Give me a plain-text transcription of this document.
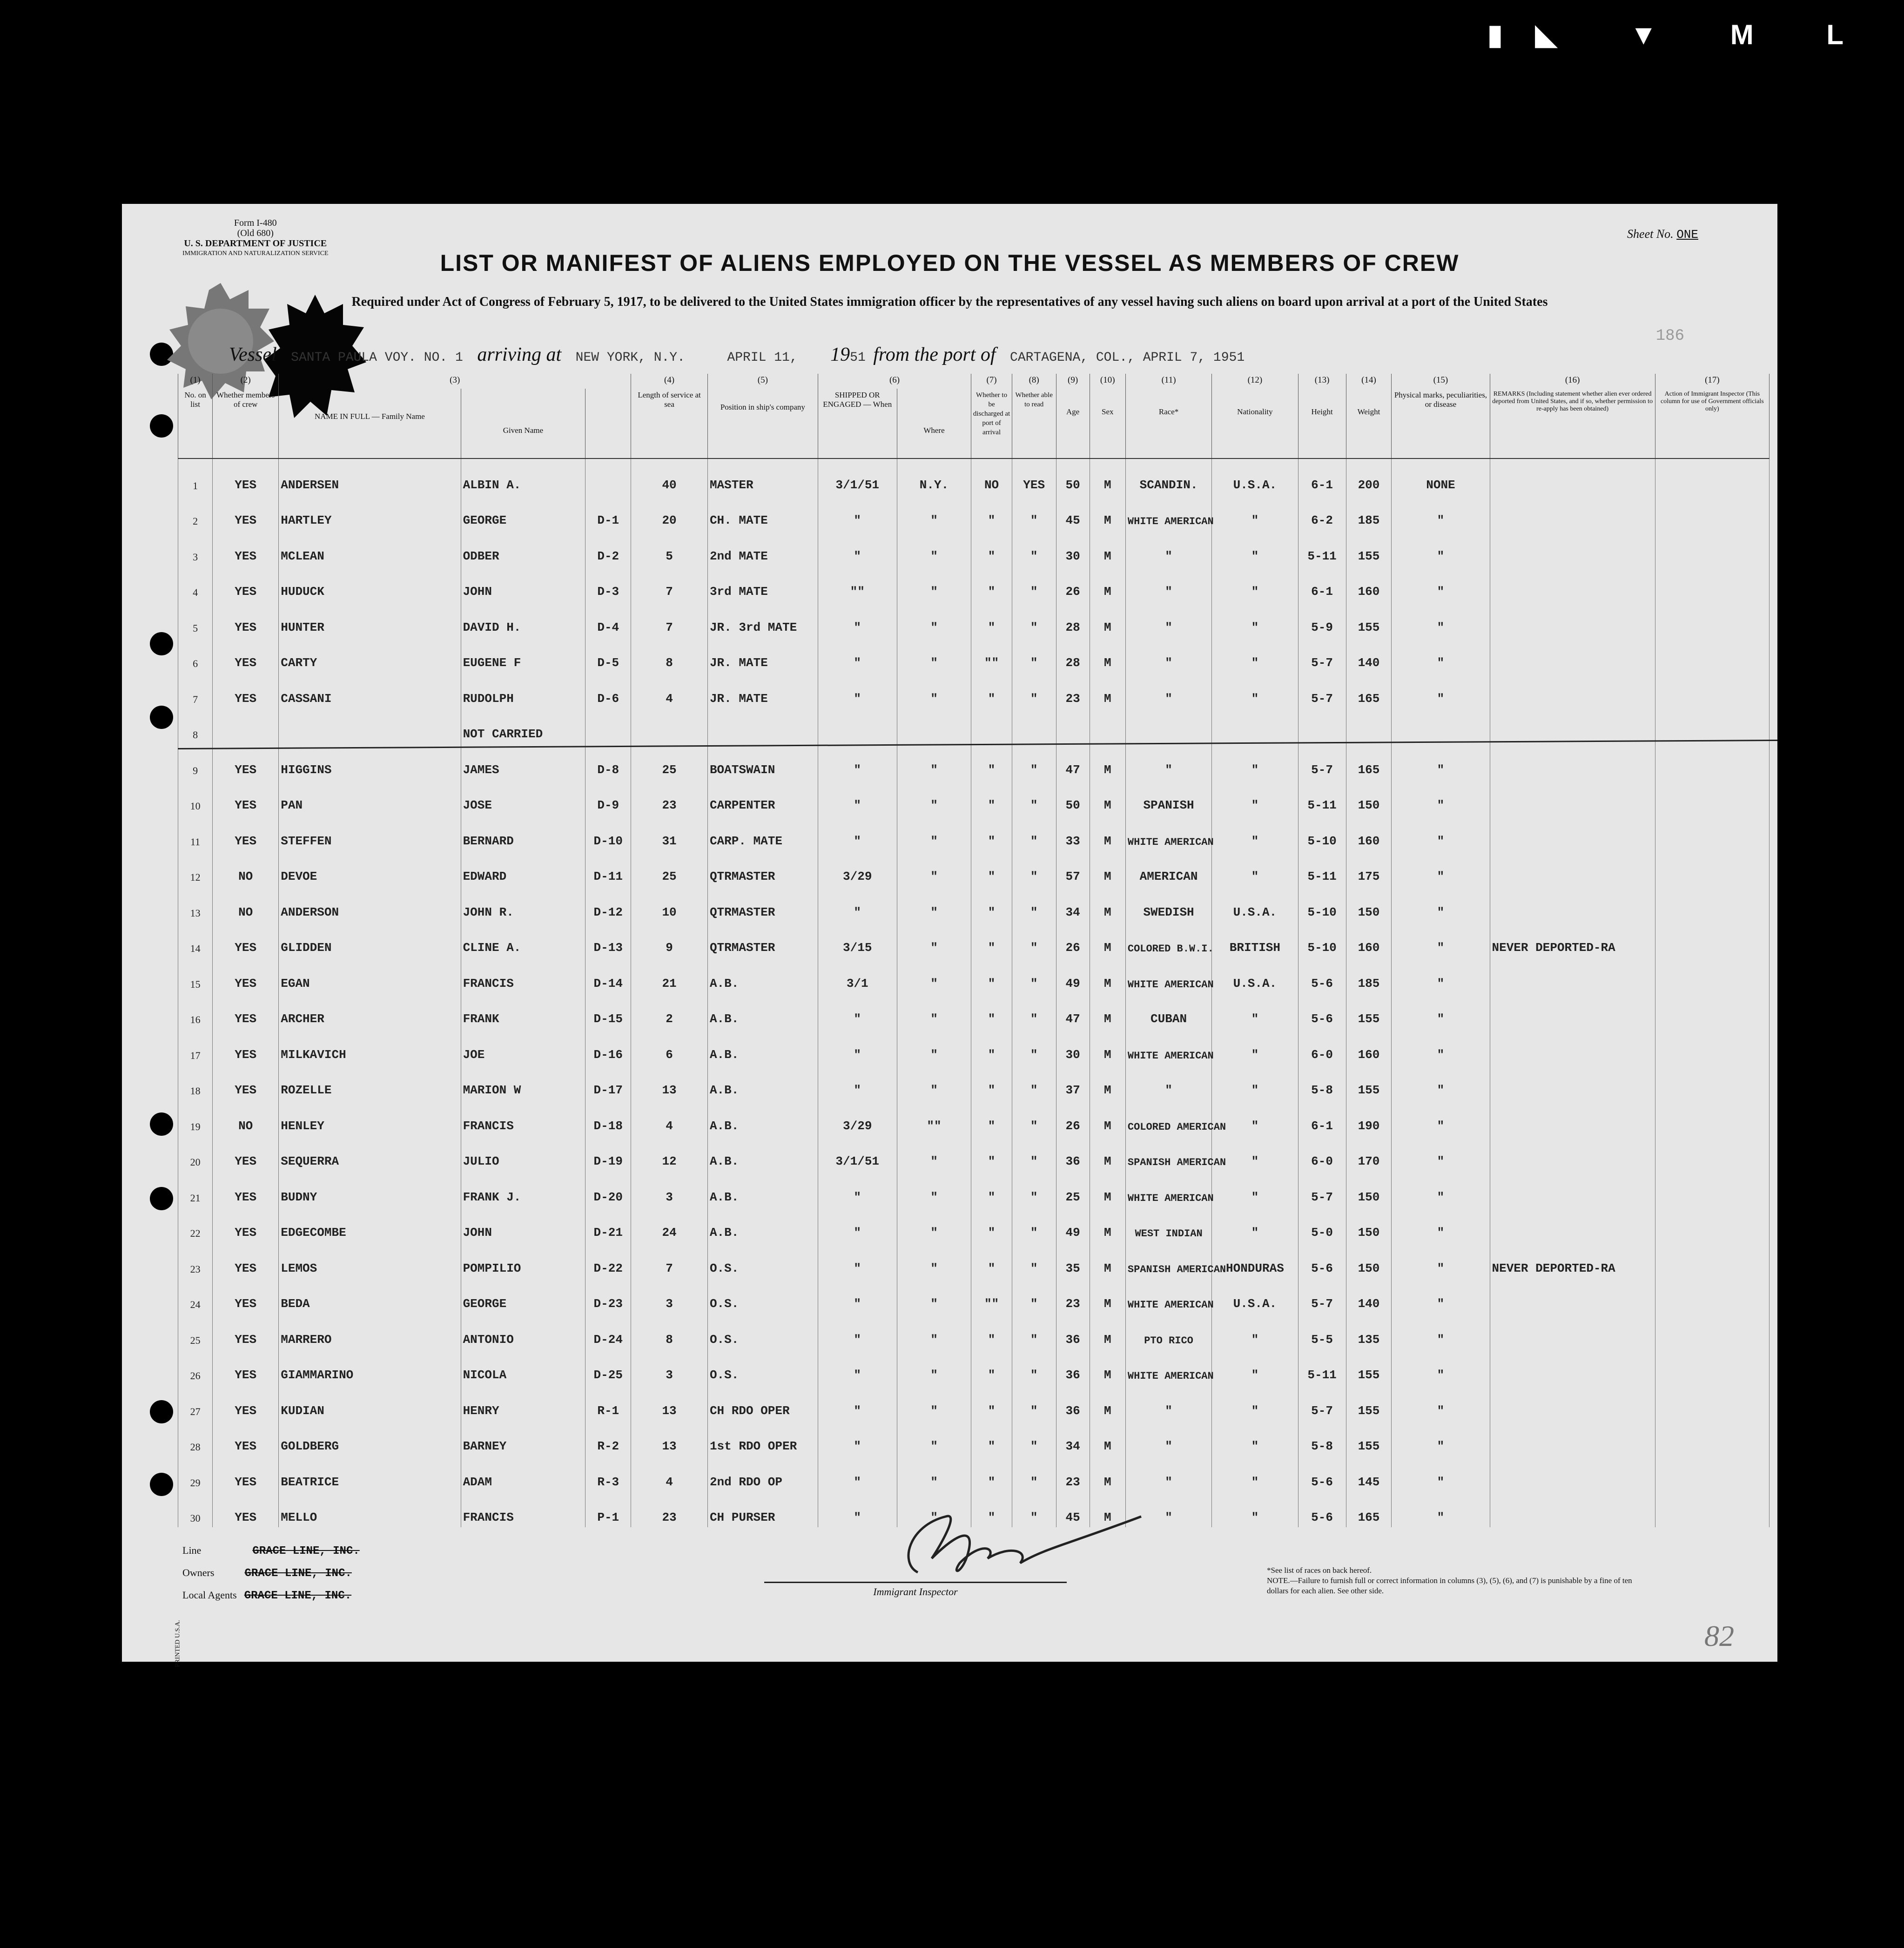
▮◣ ▼ M L
Form I-480
(Old 680)
U. S. DEPARTMENT OF JUSTICE
IMMIGRATION AND NATURALIZATION SERVICE
Sheet No. ONE
LIST OR MANIFEST OF ALIENS EMPLOYED ON THE VESSEL AS MEMBERS OF CREW
Required under Act of Congress of February 5, 1917, to be delivered to the United States immigration officer by the representatives of any vessel having such aliens on board upon arrival at a port of the United States
Vessel SANTA PAULA VOY. NO. 1 arriving at NEW YORK, N.Y.	APRIL 11, 1951 from the port of CARTAGENA, COL., APRIL 7, 1951
186
(1)	(2)	(3)			(4)	(5)	(6)		(7)	(8)	(9)	(10)	(11)	(12)	(13)	(14)	(15)	(16)	(17)
No. on list	Whether members of crew	NAME IN FULL — Family Name	Given Name		Length of service at sea	Position in ship's company	SHIPPED OR ENGAGED — When	Where	Whether to be discharged at port of arrival	Whether able to read	Age	Sex	Race*	Nationality	Height	Weight	Physical marks, peculiarities, or disease	REMARKS (Including statement whether alien ever ordered deported from United States, and if so, whether permission to re-apply has been obtained)	Action of Immigrant Inspector (This column for use of Government officials only)
1	YES	ANDERSEN	ALBIN A.		40	MASTER	3/1/51	N.Y.	NO	YES	50	M	SCANDIN.	U.S.A.	6-1	200	NONE		
2	YES	HARTLEY	GEORGE	D-1	20	CH. MATE	"	"	"	"	45	M	WHITE AMERICAN	"	6-2	185	"		
3	YES	MCLEAN	ODBER	D-2	5	2nd MATE	"	"	"	"	30	M	"	"	5-11	155	"		
4	YES	HUDUCK	JOHN	D-3	7	3rd MATE	""	"	"	"	26	M	"	"	6-1	160	"		
5	YES	HUNTER	DAVID H.	D-4	7	JR. 3rd MATE	"	"	"	"	28	M	"	"	5-9	155	"		
6	YES	CARTY	EUGENE F	D-5	8	JR. MATE	"	"	""	"	28	M	"	"	5-7	140	"		
7	YES	CASSANI	RUDOLPH	D-6	4	JR. MATE	"	"	"	"	23	M	"	"	5-7	165	"		
8			NOT CARRIED																
9	YES	HIGGINS	JAMES	D-8	25	BOATSWAIN	"	"	"	"	47	M	"	"	5-7	165	"		
10	YES	PAN	JOSE	D-9	23	CARPENTER	"	"	"	"	50	M	SPANISH	"	5-11	150	"		
11	YES	STEFFEN	BERNARD	D-10	31	CARP. MATE	"	"	"	"	33	M	WHITE AMERICAN	"	5-10	160	"		
12	NO	DEVOE	EDWARD	D-11	25	QTRMASTER	3/29	"	"	"	57	M	AMERICAN	"	5-11	175	"		
13	NO	ANDERSON	JOHN R.	D-12	10	QTRMASTER	"	"	"	"	34	M	SWEDISH	U.S.A.	5-10	150	"		
14	YES	GLIDDEN	CLINE A.	D-13	9	QTRMASTER	3/15	"	"	"	26	M	COLORED B.W.I.	BRITISH	5-10	160	"	NEVER DEPORTED-RA	
15	YES	EGAN	FRANCIS	D-14	21	A.B.	3/1	"	"	"	49	M	WHITE AMERICAN	U.S.A.	5-6	185	"		
16	YES	ARCHER	FRANK	D-15	2	A.B.	"	"	"	"	47	M	CUBAN	"	5-6	155	"		
17	YES	MILKAVICH	JOE	D-16	6	A.B.	"	"	"	"	30	M	WHITE AMERICAN	"	6-0	160	"		
18	YES	ROZELLE	MARION W	D-17	13	A.B.	"	"	"	"	37	M	"	"	5-8	155	"		
19	NO	HENLEY	FRANCIS	D-18	4	A.B.	3/29	""	"	"	26	M	COLORED AMERICAN	"	6-1	190	"		
20	YES	SEQUERRA	JULIO	D-19	12	A.B.	3/1/51	"	"	"	36	M	SPANISH AMERICAN	"	6-0	170	"		
21	YES	BUDNY	FRANK J.	D-20	3	A.B.	"	"	"	"	25	M	WHITE AMERICAN	"	5-7	150	"		
22	YES	EDGECOMBE	JOHN	D-21	24	A.B.	"	"	"	"	49	M	WEST INDIAN	"	5-0	150	"		
23	YES	LEMOS	POMPILIO	D-22	7	O.S.	"	"	"	"	35	M	SPANISH AMERICAN	HONDURAS	5-6	150	"	NEVER DEPORTED-RA	
24	YES	BEDA	GEORGE	D-23	3	O.S.	"	"	""	"	23	M	WHITE AMERICAN	U.S.A.	5-7	140	"		
25	YES	MARRERO	ANTONIO	D-24	8	O.S.	"	"	"	"	36	M	PTO RICO	"	5-5	135	"		
26	YES	GIAMMARINO	NICOLA	D-25	3	O.S.	"	"	"	"	36	M	WHITE AMERICAN	"	5-11	155	"		
27	YES	KUDIAN	HENRY	R-1	13	CH RDO OPER	"	"	"	"	36	M	"	"	5-7	155	"		
28	YES	GOLDBERG	BARNEY	R-2	13	1st RDO OPER	"	"	"	"	34	M	"	"	5-8	155	"		
29	YES	BEATRICE	ADAM	R-3	4	2nd RDO OP	"	"	"	"	23	M	"	"	5-6	145	"		
30	YES	MELLO	FRANCIS	P-1	23	CH PURSER	"	"	"	"	45	M	"	"	5-6	165	"		
Line	GRACE LINE, INC.
Owners	GRACE LINE, INC.
Local Agents GRACE LINE, INC.	Immigrant Inspector
*See list of races on back hereof.
NOTE.—Failure to furnish full or correct information in columns (3), (5), (6), and (7) is punishable by a fine of ten dollars for each alien. See other side.
PRINTED U.S.A.	82
